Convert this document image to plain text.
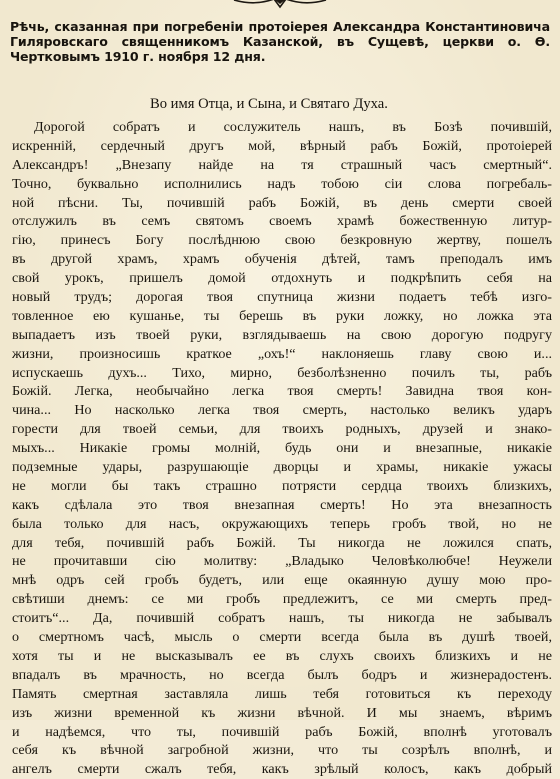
Рѣчь, сказанная при погребенiи протоiерея Александра Константиновича Гиляровскаго священникомъ Казанской, въ Сущевѣ, церкви о. Ѳ. Чертковымъ 1910 г. ноября 12 дня.

Во имя Отца, и Сына, и Святаго Духа.

Дорогой собратъ и сослужитель нашъ, въ Бозѣ почившiй,
искреннiй, сердечный другъ мой, вѣрный рабъ Божiй, протоiерей
Александръ! „Внезапу найде на тя страшный часъ смертный“.
Точно, буквально исполнились надъ тобою сiи слова погребаль-
ной пѣсни. Ты, почившiй рабъ Божiй, въ день смерти своей
отслужилъ въ семъ святомъ своемъ храмѣ божественную литур-
гiю, принесъ Богу послѣднюю свою безкровную жертву, пошелъ
въ другой храмъ, храмъ обученiя дѣтей, тамъ преподалъ имъ
свой урокъ, пришелъ домой отдохнуть и подкрѣпить себя на
новый трудъ; дорогая твоя спутница жизни подаетъ тебѣ изго-
товленное ею кушанье, ты берешь въ руки ложку, но ложка эта
выпадаетъ изъ твоей руки, взглядываешь на свою дорогую подругу
жизни, произносишь краткое „охъ!“ наклоняешь главу свою и...
испускаешь духъ... Тихо, мирно, безболѣзненно почилъ ты, рабъ
Божiй. Легка, необычайно легка твоя смерть! Завидна твоя кон-
чина... Но насколько легка твоя смерть, настолько великъ ударъ
горести для твоей семьи, для твоихъ родныхъ, друзей и знако-
мыхъ... Никакiе громы молнiй, будь они и внезапные, никакiе
подземные удары, разрушающiе дворцы и храмы, никакiе ужасы
не могли бы такъ страшно потрясти сердца твоихъ близкихъ,
какъ сдѣлала это твоя внезапная смерть! Но эта внезапность
была только для насъ, окружающихъ теперь гробъ твой, но не
для тебя, почившiй рабъ Божiй. Ты никогда не ложился спать,
не прочитавши сiю молитву: „Владыко Человѣколюбче! Неужели
мнѣ одръ сей гробъ будетъ, или еще окаянную душу мою про-
свѣтиши днемъ: се ми гробъ предлежитъ, се ми смерть пред-
стоитъ“... Да, почившiй собратъ нашъ, ты никогда не забывалъ
о смертномъ часѣ, мысль о смерти всегда была въ душѣ твоей,
хотя ты и не высказывалъ ее въ слухъ своихъ близкихъ и не
впадалъ въ мрачность, но всегда былъ бодръ и жизнерадостенъ.
Память смертная заставляла лишь тебя готовиться къ переходу
изъ жизни временной къ жизни вѣчной. И мы знаемъ, вѣримъ
и надѣемся, что ты, почившiй рабъ Божiй, вполнѣ уготовалъ
себя къ вѣчной загробной жизни, что ты созрѣлъ вполнѣ, и
ангелъ смерти сжалъ тебя, какъ зрѣлый колосъ, какъ добрый
